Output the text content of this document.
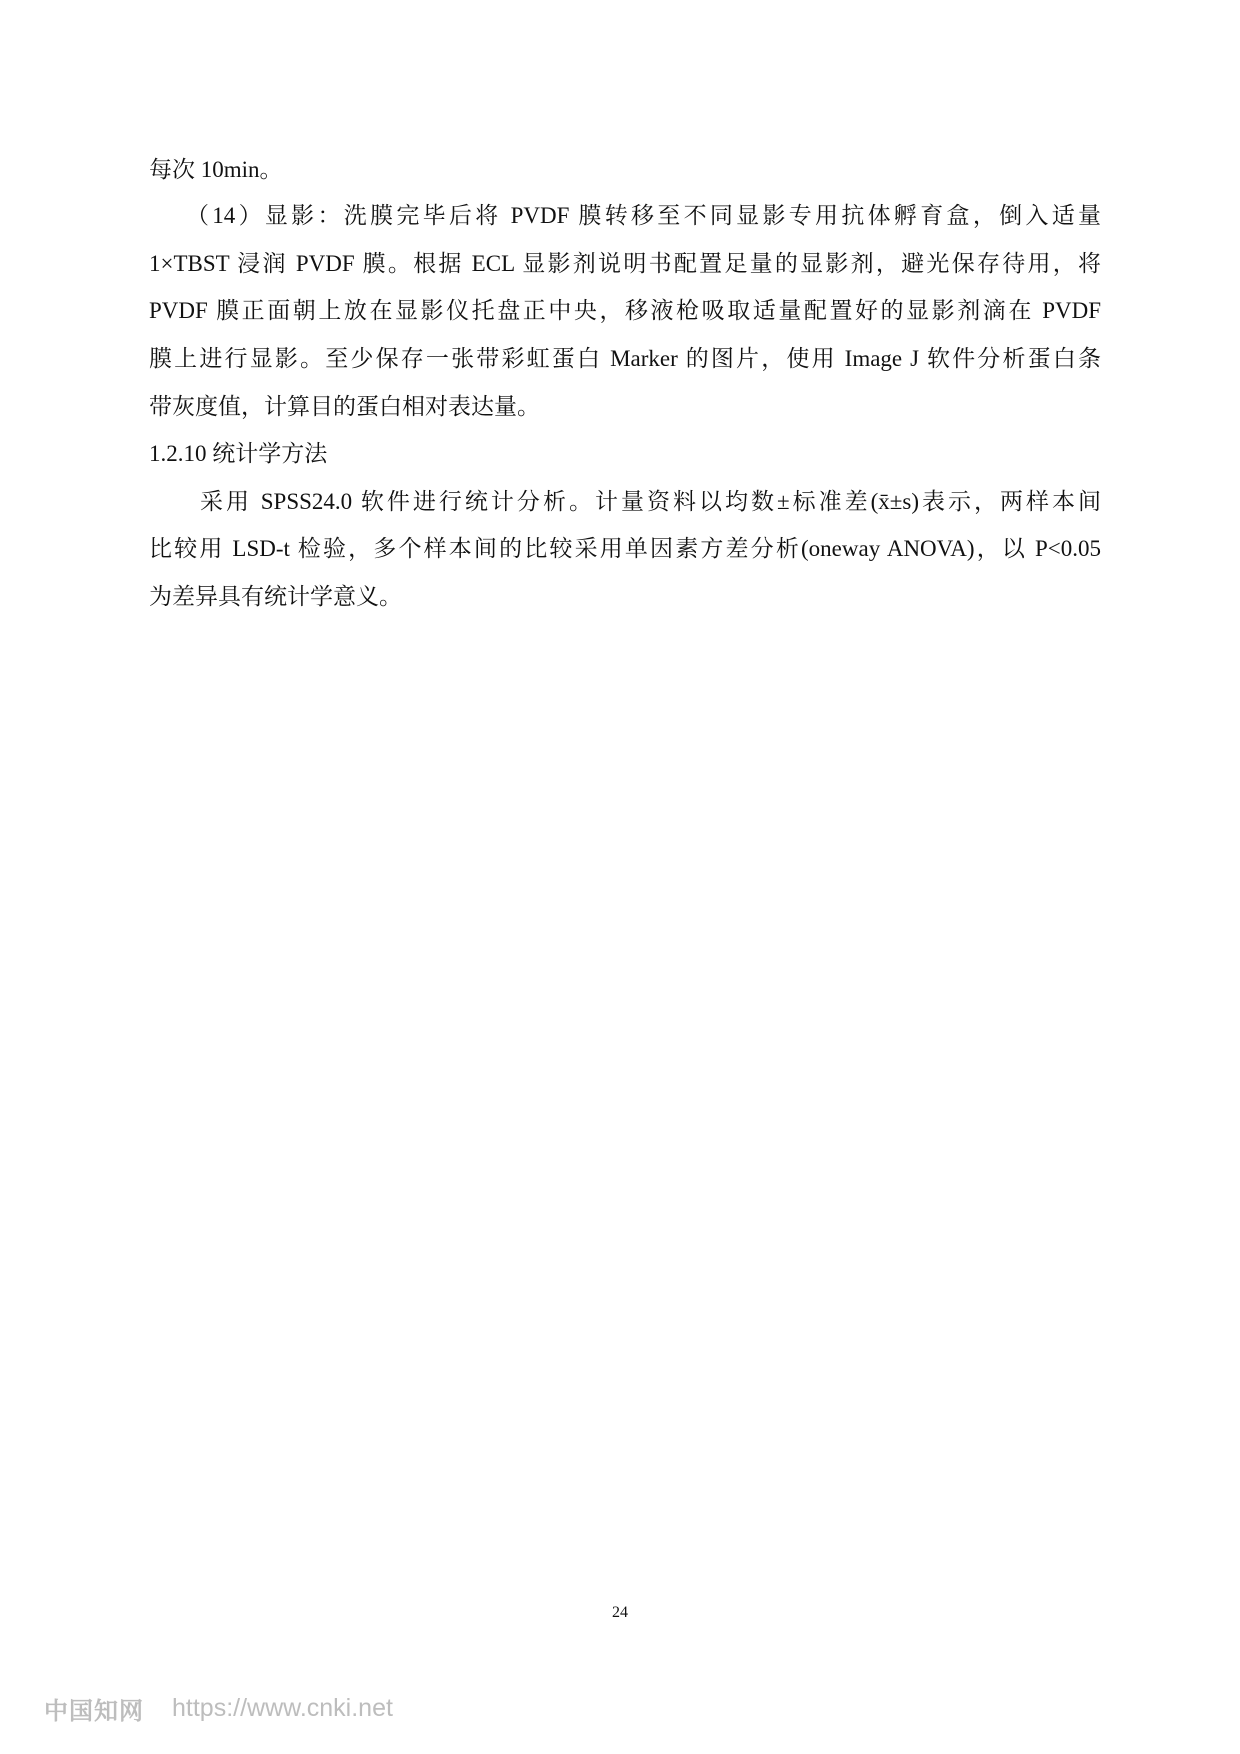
每次 10min。
（14）显影：洗膜完毕后将 PVDF 膜转移至不同显影专用抗体孵育盒，倒入适量
1×TBST 浸润 PVDF 膜。根据 ECL 显影剂说明书配置足量的显影剂，避光保存待用，将
PVDF 膜正面朝上放在显影仪托盘正中央，移液枪吸取适量配置好的显影剂滴在 PVDF
膜上进行显影。至少保存一张带彩虹蛋白 Marker 的图片，使用 Image J 软件分析蛋白条
带灰度值，计算目的蛋白相对表达量。
1.2.10 统计学方法
采用 SPSS24.0 软件进行统计分析。计量资料以均数±标准差(x̄±s)表示，两样本间
比较用 LSD-t 检验，多个样本间的比较采用单因素方差分析(oneway ANOVA)，以 P<0.05
为差异具有统计学意义。
24
中国知网 https://www.cnki.net
